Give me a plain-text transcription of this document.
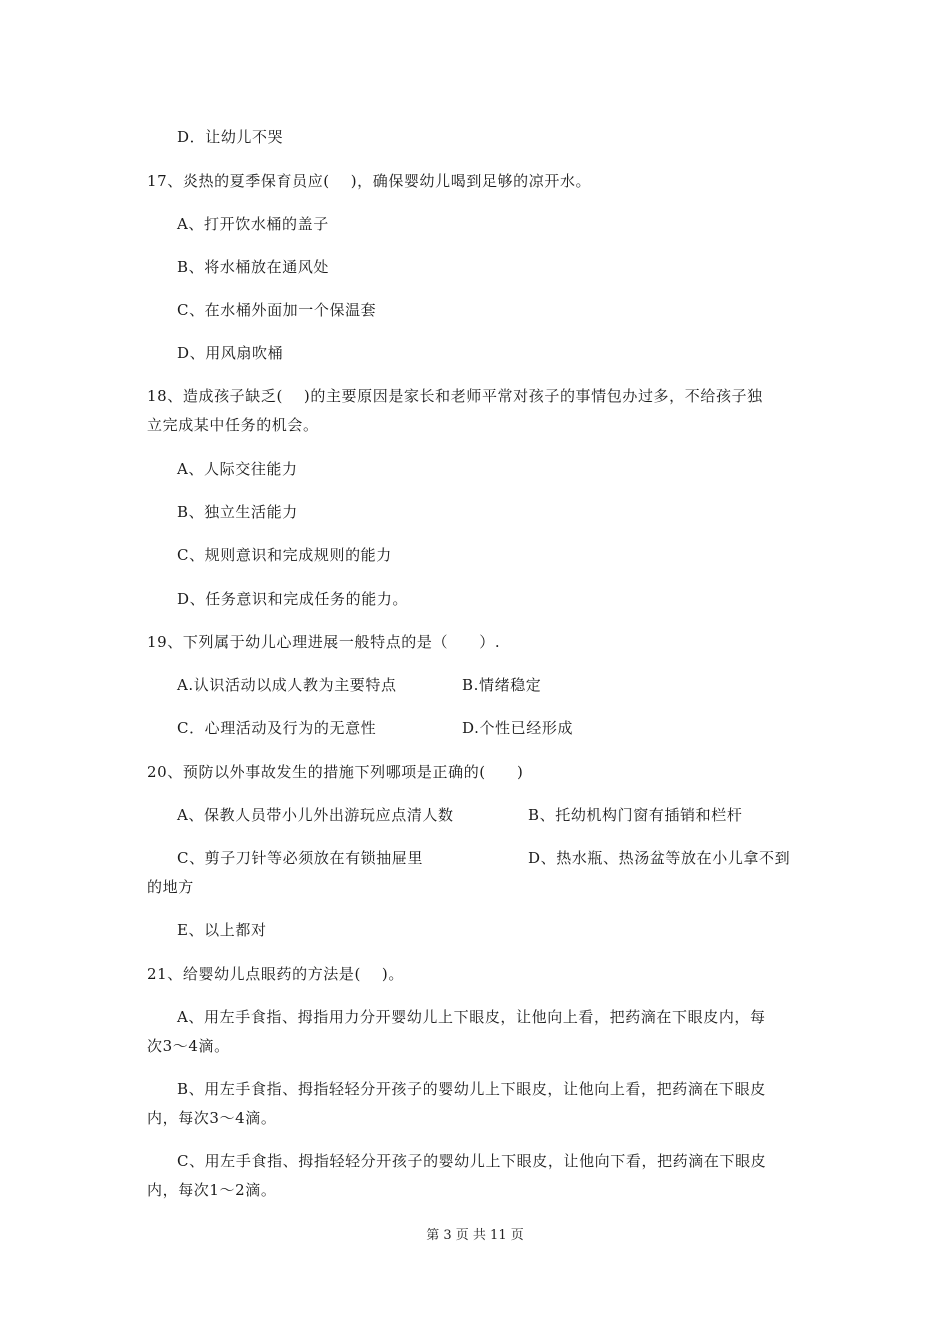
D．让幼儿不哭
17、炎热的夏季保育员应(　 )，确保婴幼儿喝到足够的凉开水。
A、打开饮水桶的盖子
B、将水桶放在通风处
C、在水桶外面加一个保温套
D、用风扇吹桶
18、造成孩子缺乏(　 )的主要原因是家长和老师平常对孩子的事情包办过多，不给孩子独
立完成某中任务的机会。
A、人际交往能力
B、独立生活能力
C、规则意识和完成规则的能力
D、任务意识和完成任务的能力。
19、下列属于幼儿心理进展一般特点的是（　　）.
A.认识活动以成人教为主要特点	B.情绪稳定
C．心理活动及行为的无意性	D.个性已经形成
20、预防以外事故发生的措施下列哪项是正确的(　　)
A、保教人员带小儿外出游玩应点清人数	B、托幼机构门窗有插销和栏杆
C、剪子刀针等必须放在有锁抽屉里	D、热水瓶、热汤盆等放在小儿拿不到
的地方
E、以上都对
21、给婴幼儿点眼药的方法是(　 )。
A、用左手食指、拇指用力分开婴幼儿上下眼皮，让他向上看，把药滴在下眼皮内，每
次3～4滴。
B、用左手食指、拇指轻轻分开孩子的婴幼儿上下眼皮，让他向上看，把药滴在下眼皮
内，每次3～4滴。
C、用左手食指、拇指轻轻分开孩子的婴幼儿上下眼皮，让他向下看，把药滴在下眼皮
内，每次1～2滴。
第 3 页 共 11 页
